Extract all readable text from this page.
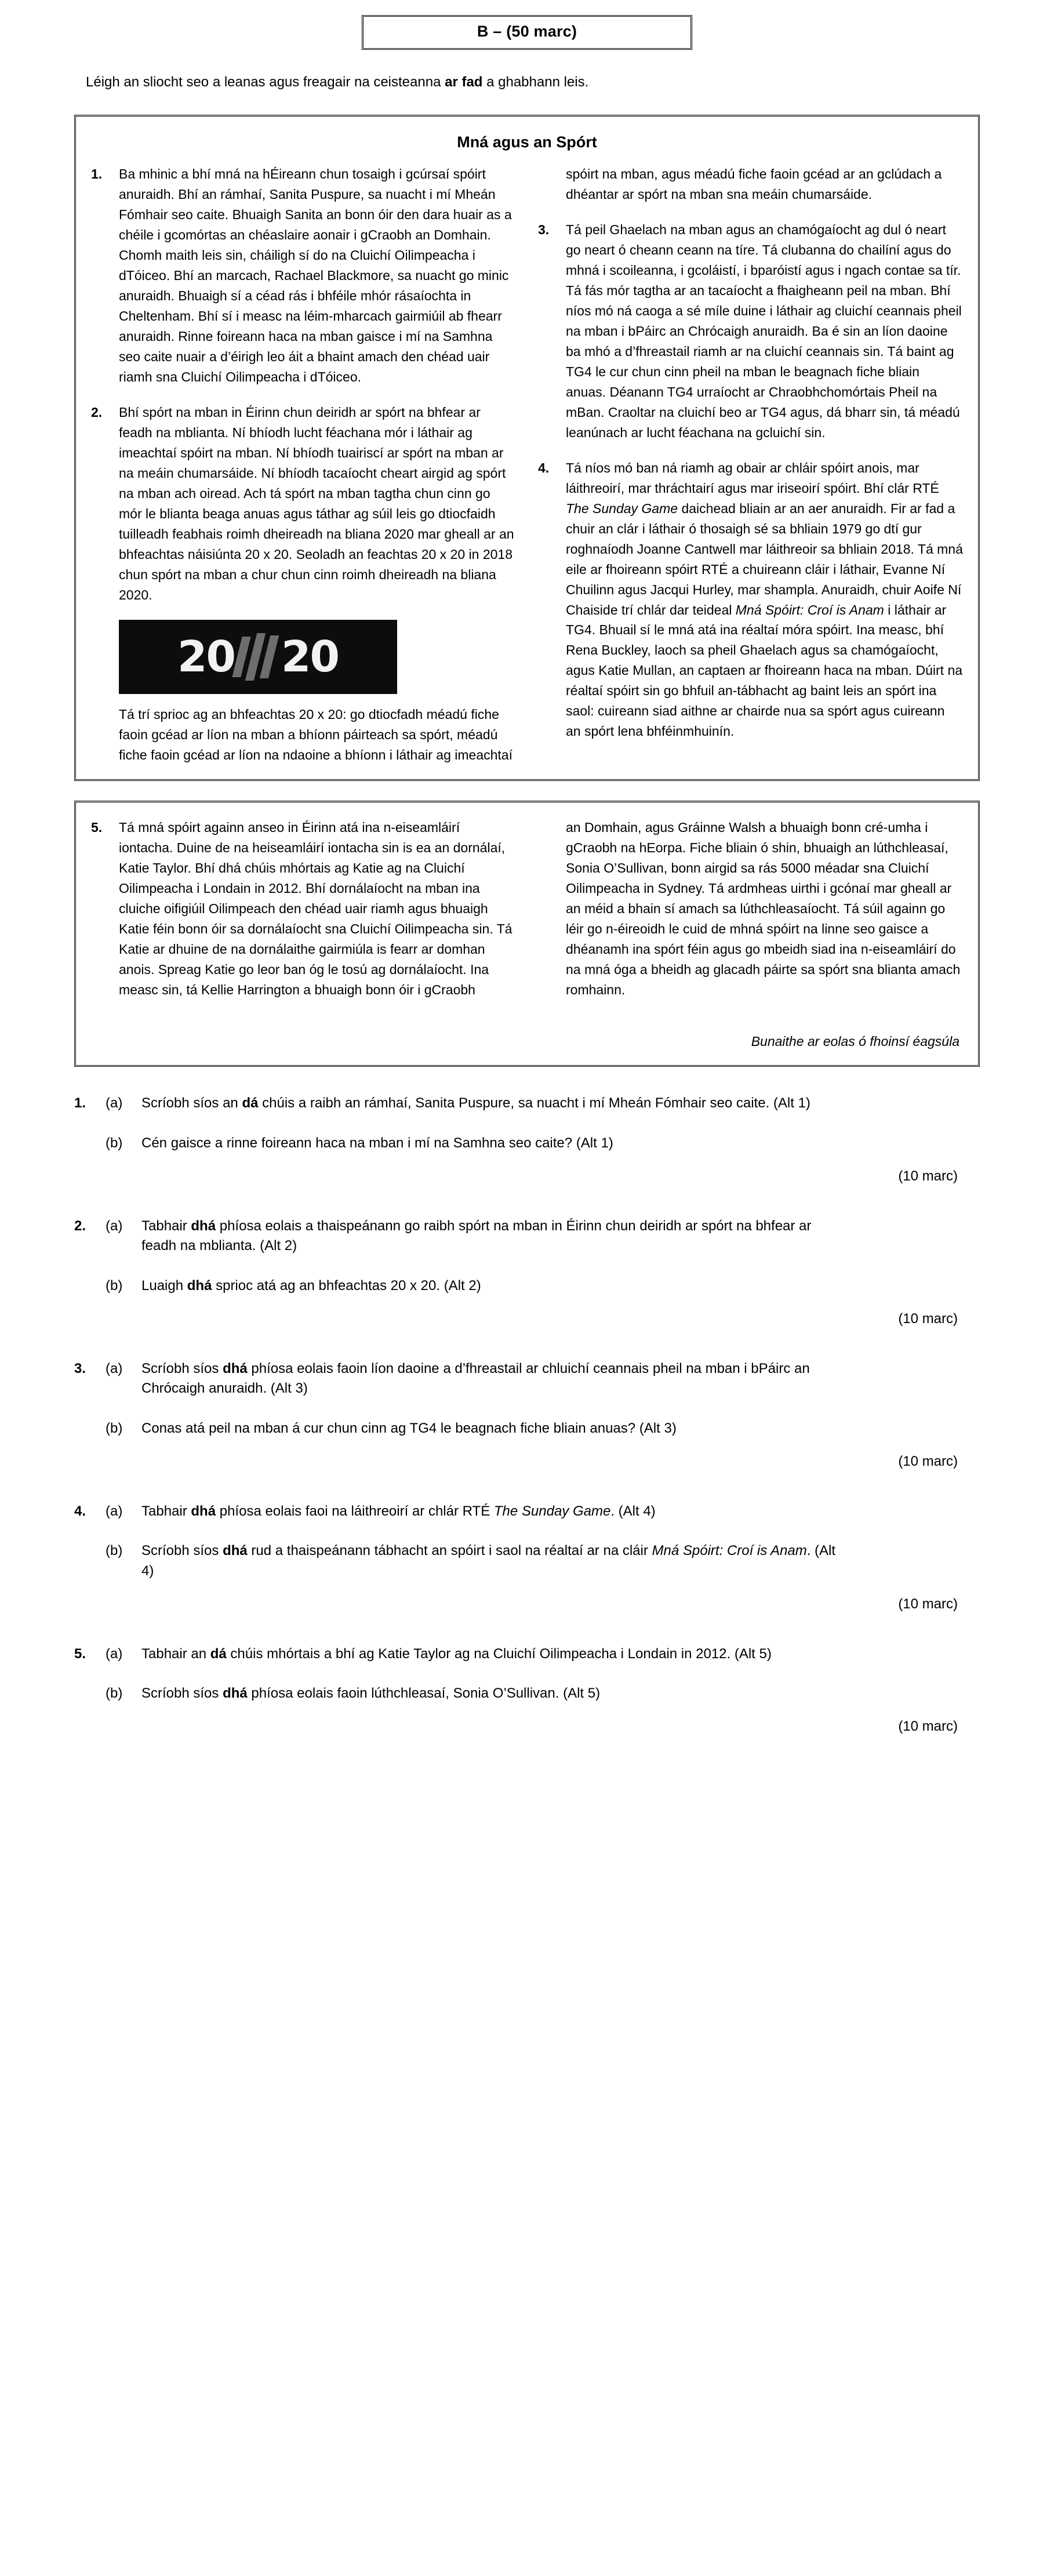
B – (50 marc)
Léigh an sliocht seo a leanas agus freagair na ceisteanna ar fad a ghabhann leis.
Mná agus an Spórt
1.	Ba mhinic a bhí mná na hÉireann chun tosaigh i gcúrsaí spóirt anuraidh. Bhí an rámhaí, Sanita Puspure, sa nuacht i mí Mheán Fómhair seo caite. Bhuaigh Sanita an bonn óir den dara huair as a chéile i gcomórtas an chéaslaire aonair i gCraobh an Domhain. Chomh maith leis sin, cháiligh sí do na Cluichí Oilimpeacha i dTóiceo. Bhí an marcach, Rachael Blackmore, sa nuacht go minic anuraidh. Bhuaigh sí a céad rás i bhféile mhór rásaíochta in Cheltenham. Bhí sí i measc na léim-mharcach gairmiúil ab fhearr anuraidh. Rinne foireann haca na mban gaisce i mí na Samhna seo caite nuair a d’éirigh leo áit a bhaint amach den chéad uair riamh sna Cluichí Oilimpeacha i dTóiceo.
2.	Bhí spórt na mban in Éirinn chun deiridh ar spórt na bhfear ar feadh na mblianta. Ní bhíodh lucht féachana mór i láthair ag imeachtaí spóirt na mban. Ní bhíodh tuairiscí ar spórt na mban ar na meáin chumarsáide. Ní bhíodh tacaíocht cheart airgid ag spórt na mban ach oiread. Ach tá spórt na mban tagtha chun cinn go mór le blianta beaga anuas agus táthar ag súil leis go dtiocfaidh tuilleadh feabhais roimh dheireadh na bliana 2020 mar gheall ar an bhfeachtas náisiúnta 20 x 20. Seoladh an feachtas 20 x 20 in 2018 chun spórt na mban a chur chun cinn roimh dheireadh na bliana 2020.
20 20
Tá trí sprioc ag an bhfeachtas 20 x 20: go dtiocfadh méadú fiche faoin gcéad ar líon na mban a bhíonn páirteach sa spórt, méadú fiche faoin gcéad ar líon na ndaoine a bhíonn i láthair ag imeachtaí
spóirt na mban, agus méadú fiche faoin gcéad ar an gclúdach a dhéantar ar spórt na mban sna meáin chumarsáide.
3.	Tá peil Ghaelach na mban agus an chamógaíocht ag dul ó neart go neart ó cheann ceann na tíre. Tá clubanna do chailíní agus do mhná i scoileanna, i gcoláistí, i bparóistí agus i ngach contae sa tír. Tá fás mór tagtha ar an tacaíocht a fhaigheann peil na mban. Bhí níos mó ná caoga a sé míle duine i láthair ag cluichí ceannais pheil na mban i bPáirc an Chrócaigh anuraidh. Ba é sin an líon daoine ba mhó a d’fhreastail riamh ar na cluichí ceannais sin. Tá baint ag TG4 le cur chun cinn pheil na mban le beagnach fiche bliain anuas. Déanann TG4 urraíocht ar Chraobhchomórtais Pheil na mBan. Craoltar na cluichí beo ar TG4 agus, dá bharr sin, tá méadú leanúnach ar lucht féachana na gcluichí sin.
4.	Tá níos mó ban ná riamh ag obair ar chláir spóirt anois, mar láithreoirí, mar thráchtairí agus mar iriseoirí spóirt. Bhí clár RTÉ The Sunday Game daichead bliain ar an aer anuraidh. Fir ar fad a chuir an clár i láthair ó thosaigh sé sa bhliain 1979 go dtí gur roghnaíodh Joanne Cantwell mar láithreoir sa bhliain 2018. Tá mná eile ar fhoireann spóirt RTÉ a chuireann cláir i láthair, Evanne Ní Chuilinn agus Jacqui Hurley, mar shampla. Anuraidh, chuir Aoife Ní Chaiside trí chlár dar teideal Mná Spóirt: Croí is Anam i láthair ar TG4. Bhuail sí le mná atá ina réaltaí móra spóirt. Ina measc, bhí Rena Buckley, laoch sa pheil Ghaelach agus sa chamógaíocht, agus Katie Mullan, an captaen ar fhoireann haca na mban. Dúirt na réaltaí spóirt sin go bhfuil an-tábhacht ag baint leis an spórt ina saol: cuireann siad aithne ar chairde nua sa spórt agus cuireann an spórt lena bhféinmhuinín.
5.	Tá mná spóirt againn anseo in Éirinn atá ina n-eiseamláirí iontacha. Duine de na heiseamláirí iontacha sin is ea an dornálaí, Katie Taylor. Bhí dhá chúis mhórtais ag Katie ag na Cluichí Oilimpeacha i Londain in 2012. Bhí dornálaíocht na mban ina cluiche oifigiúil Oilimpeach den chéad uair riamh agus bhuaigh Katie féin bonn óir sa dornálaíocht sna Cluichí Oilimpeacha sin. Tá Katie ar dhuine de na dornálaithe gairmiúla is fearr ar domhan anois. Spreag Katie go leor ban óg le tosú ag dornálaíocht. Ina measc sin, tá Kellie Harrington a bhuaigh bonn óir i gCraobh
an Domhain, agus Gráinne Walsh a bhuaigh bonn cré-umha i gCraobh na hEorpa. Fiche bliain ó shin, bhuaigh an lúthchleasaí, Sonia O’Sullivan, bonn airgid sa rás 5000 méadar sna Cluichí Oilimpeacha in Sydney. Tá ardmheas uirthi i gcónaí mar gheall ar an méid a bhain sí amach sa lúthchleasaíocht. Tá súil againn go léir go n-éireoidh le cuid de mhná spóirt na linne seo gaisce a dhéanamh ina spórt féin agus go mbeidh siad ina n-eiseamláirí do na mná óga a bheidh ag glacadh páirte sa spórt sna blianta amach romhainn.
Bunaithe ar eolas ó fhoinsí éagsúla
1.	(a)	Scríobh síos an dá chúis a raibh an rámhaí, Sanita Puspure, sa nuacht i mí Mheán Fómhair seo caite. (Alt 1)
(b)	Cén gaisce a rinne foireann haca na mban i mí na Samhna seo caite? (Alt 1)
(10 marc)
2.	(a)	Tabhair dhá phíosa eolais a thaispeánann go raibh spórt na mban in Éirinn chun deiridh ar spórt na bhfear ar feadh na mblianta. (Alt 2)
(b)	Luaigh dhá sprioc atá ag an bhfeachtas 20 x 20. (Alt 2)
(10 marc)
3.	(a)	Scríobh síos dhá phíosa eolais faoin líon daoine a d’fhreastail ar chluichí ceannais pheil na mban i bPáirc an Chrócaigh anuraidh. (Alt 3)
(b)	Conas atá peil na mban á cur chun cinn ag TG4 le beagnach fiche bliain anuas? (Alt 3)
(10 marc)
4.	(a)	Tabhair dhá phíosa eolais faoi na láithreoirí ar chlár RTÉ The Sunday Game. (Alt 4)
(b)	Scríobh síos dhá rud a thaispeánann tábhacht an spóirt i saol na réaltaí ar na cláir Mná Spóirt: Croí is Anam. (Alt 4)
(10 marc)
5.	(a)	Tabhair an dá chúis mhórtais a bhí ag Katie Taylor ag na Cluichí Oilimpeacha i Londain in 2012. (Alt 5)
(b)	Scríobh síos dhá phíosa eolais faoin lúthchleasaí, Sonia O’Sullivan. (Alt 5)
(10 marc)
